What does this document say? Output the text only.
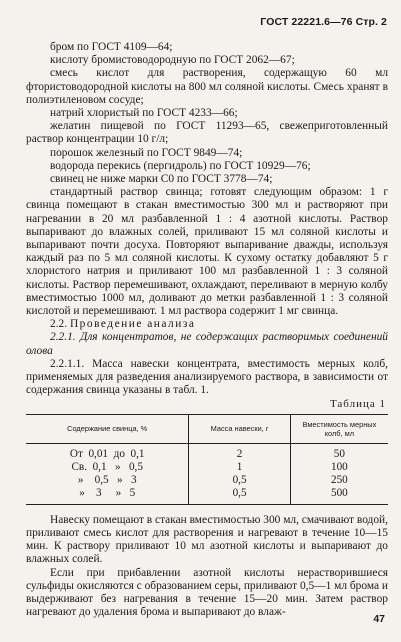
ГОСТ 22221.6—76 Стр. 2

бром по ГОСТ 4109—64;

кислоту бромистоводородную по ГОСТ 2062—67;

смесь кислот для растворения, содержащую 60 мл фтористоводородной кислоты на 800 мл соляной кислоты. Смесь хранят в полиэтиленовом сосуде;

натрий хлористый по ГОСТ 4233—66;

желатин пищевой по ГОСТ 11293—65, свежеприготовленный раствор концентрации 10 г/л;

порошок железный по ГОСТ 9849—74;

водорода перекись (пергидроль) по ГОСТ 10929—76;

свинец не ниже марки С0 по ГОСТ 3778—74;

стандартный раствор свинца; готовят следующим образом: 1 г свинца помещают в стакан вместимостью 300 мл и растворяют при нагревании в 20 мл разбавленной 1 : 4 азотной кислоты. Раствор выпаривают до влажных солей, приливают 15 мл соляной кислоты и выпаривают почти досуха. Повторяют выпаривание дважды, используя каждый раз по 5 мл соляной кислоты. К сухому остатку добавляют 5 г хлористого натрия и приливают 100 мл разбавленной 1 : 3 соляной кислоты. Раствор перемешивают, охлаждают, переливают в мерную колбу вместимостью 1000 мл, доливают до метки разбавленной 1 : 3 соляной кислотой и перемешивают. 1 мл раствора содержит 1 мг свинца.

2.2. Проведение анализа

2.2.1. Для концентратов, не содержащих растворимых соединений олова

2.2.1.1. Масса навески концентрата, вместимость мерных колб, применяемых для разведения анализируемого раствора, в зависимости от содержания свинца указаны в табл. 1.

Таблица 1
Содержание свинца, %	Масса навески, г	Вместимость мерных колб, мл
От  0,01  до  0,1	2	50
Св.  0,1   »   0,5	1	100
»    0,5   »   3	0,5	250
»    3     »   5	0,5	500

Навеску помещают в стакан вместимостью 300 мл, смачивают водой, приливают смесь кислот для растворения и нагревают в течение 10—15 мин. К раствору приливают 10 мл азотной кислоты и выпаривают до влажных солей.

Если при прибавлении азотной кислоты нерастворившиеся сульфиды окисляются с образованием серы, приливают 0,5—1 мл брома и выдерживают без нагревания в течение 15—20 мин. Затем раствор нагревают до удаления брома и выпаривают до влаж-

47
